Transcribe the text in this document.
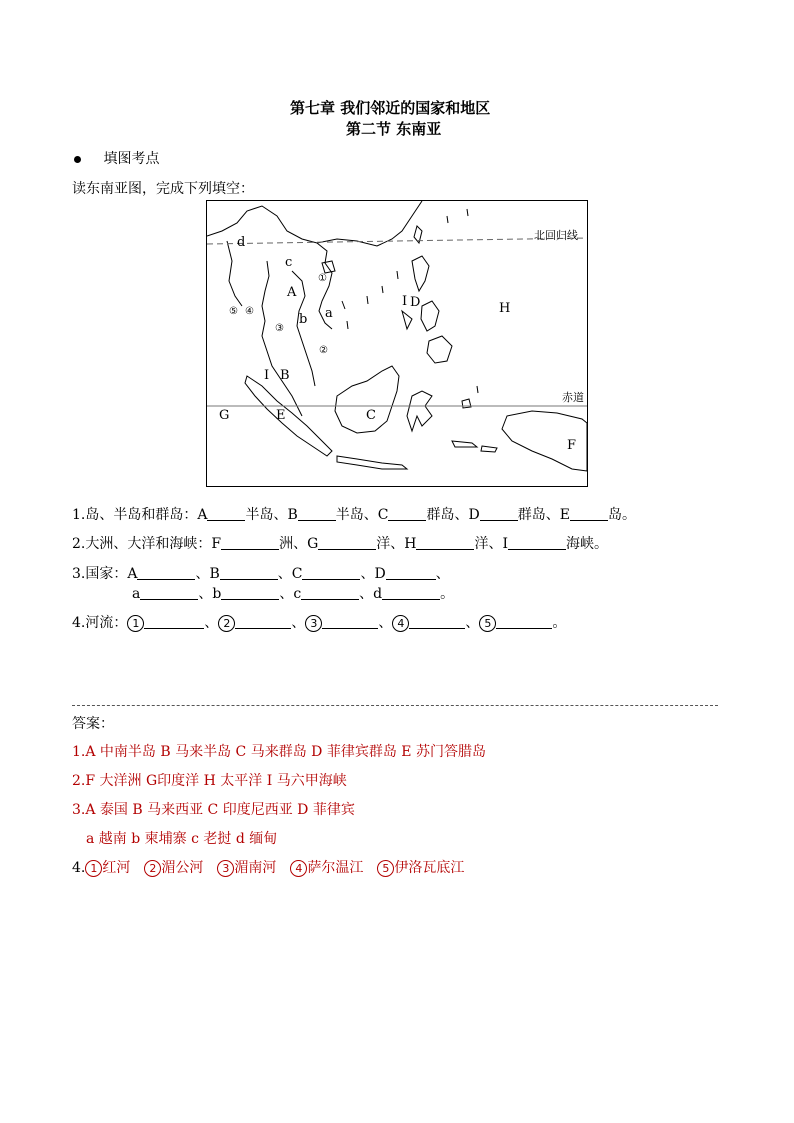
第七章 我们邻近的国家和地区
第二节 东南亚
填图考点
读东南亚图，完成下列填空：
北回归线
赤道
A
B
C
D
E
F
G
H
I
I
a
b
c
d
①
②
③
④
⑤
1.岛、半岛和群岛：A	半岛、B	半岛、C	群岛、D	群岛、E	岛。
2.大洲、大洋和海峡：F	洲、G	洋、H	洋、I	海峡。
3.国家：A	、B	、C	、D	、
a	、b	、c	、d	。
4.河流： 1	、 2	、 3	、 4	、 5	。
答案：
1.A 中南半岛 B 马来半岛 C 马来群岛 D 菲律宾群岛 E 苏门答腊岛
2.F 大洋洲 G印度洋 H 太平洋 I 马六甲海峡
3.A 泰国 B 马来西亚 C 印度尼西亚 D 菲律宾
a 越南 b 柬埔寨 c 老挝 d 缅甸
4. 1 红河 2 湄公河 3 湄南河 4 萨尔温江 5 伊洛瓦底江
